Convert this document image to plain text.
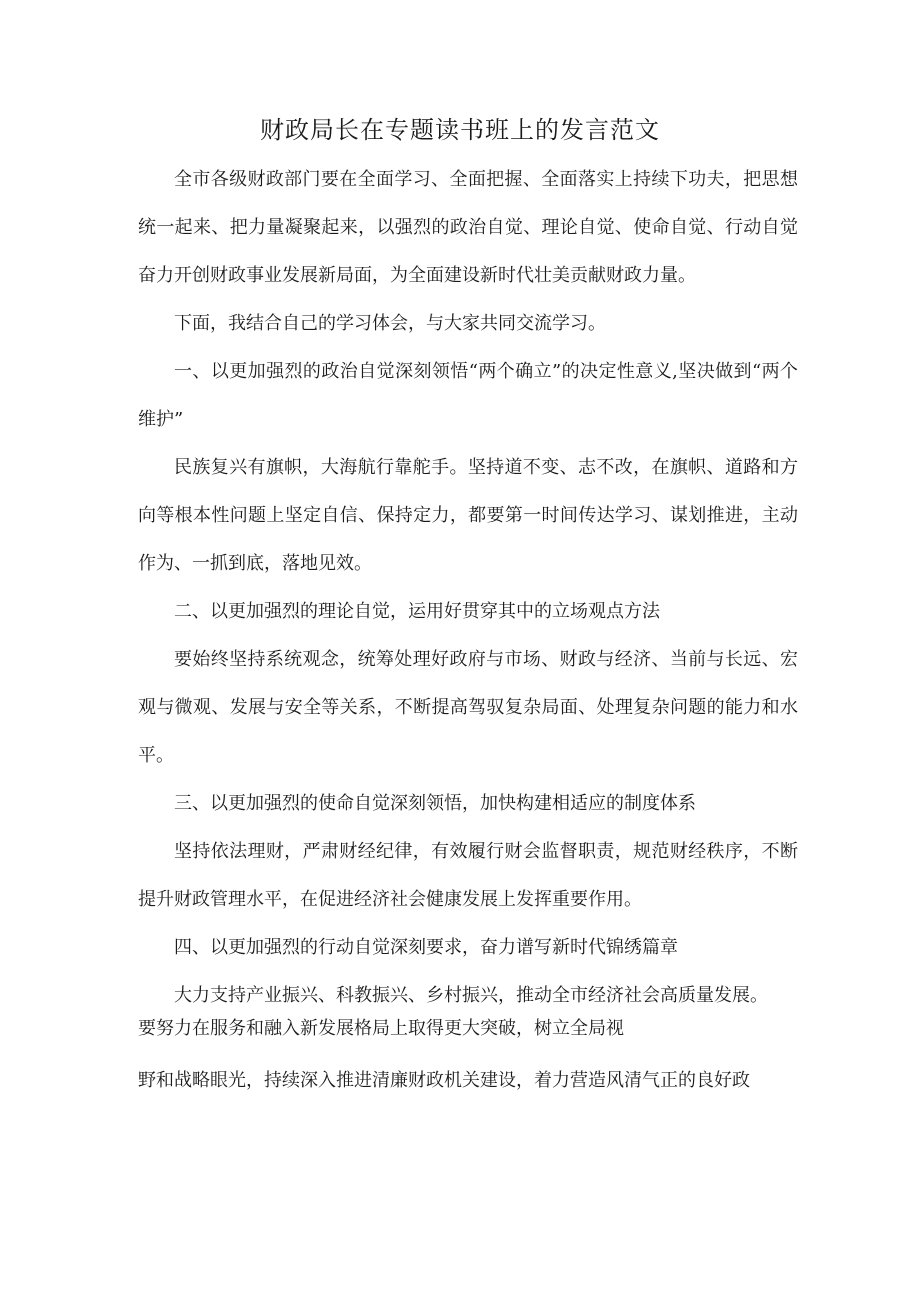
财政局长在专题读书班上的发言范文

全市各级财政部门要在全面学习、全面把握、全面落实上持续下功夫，把思想统一起来、把力量凝聚起来，以强烈的政治自觉、理论自觉、使命自觉、行动自觉奋力开创财政事业发展新局面，为全面建设新时代壮美贡献财政力量。

下面，我结合自己的学习体会，与大家共同交流学习。

一、以更加强烈的政治自觉深刻领悟“两个确立”的决定性意义,坚决做到“两个维护”

民族复兴有旗帜，大海航行靠舵手。坚持道不变、志不改，在旗帜、道路和方向等根本性问题上坚定自信、保持定力，都要第一时间传达学习、谋划推进，主动作为、一抓到底，落地见效。

二、以更加强烈的理论自觉，运用好贯穿其中的立场观点方法

要始终坚持系统观念，统筹处理好政府与市场、财政与经济、当前与长远、宏观与微观、发展与安全等关系，不断提高驾驭复杂局面、处理复杂问题的能力和水平。

三、以更加强烈的使命自觉深刻领悟，加快构建相适应的制度体系

坚持依法理财，严肃财经纪律，有效履行财会监督职责，规范财经秩序，不断提升财政管理水平，在促进经济社会健康发展上发挥重要作用。

四、以更加强烈的行动自觉深刻要求，奋力谱写新时代锦绣篇章

大力支持产业振兴、科教振兴、乡村振兴，推动全市经济社会高质量发展。

要努力在服务和融入新发展格局上取得更大突破，树立全局视

野和战略眼光，持续深入推进清廉财政机关建设，着力营造风清气正的良好政
